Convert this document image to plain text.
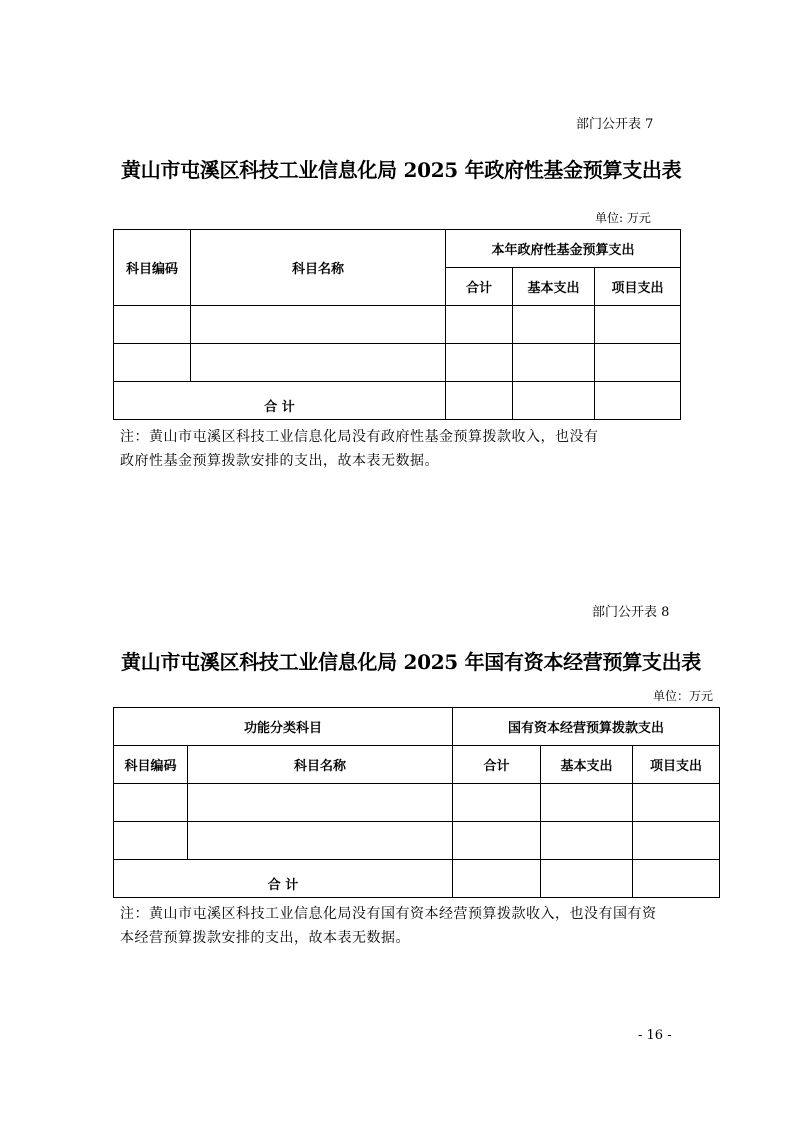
部门公开表 7
黄山市屯溪区科技工业信息化局 2025 年政府性基金预算支出表
单位: 万元
科目编码	科目名称	本年政府性基金预算支出		
		合计	基本支出	项目支出

合 计				
注：黄山市屯溪区科技工业信息化局没有政府性基金预算拨款收入，也没有
政府性基金预算拨款安排的支出，故本表无数据。
部门公开表 8
黄山市屯溪区科技工业信息化局 2025 年国有资本经营预算支出表
单位：万元
功能分类科目		国有资本经营预算拨款支出		
科目编码	科目名称	合计	基本支出	项目支出

合 计				
注：黄山市屯溪区科技工业信息化局没有国有资本经营预算拨款收入，也没有国有资
本经营预算拨款安排的支出，故本表无数据。
- 16 -
